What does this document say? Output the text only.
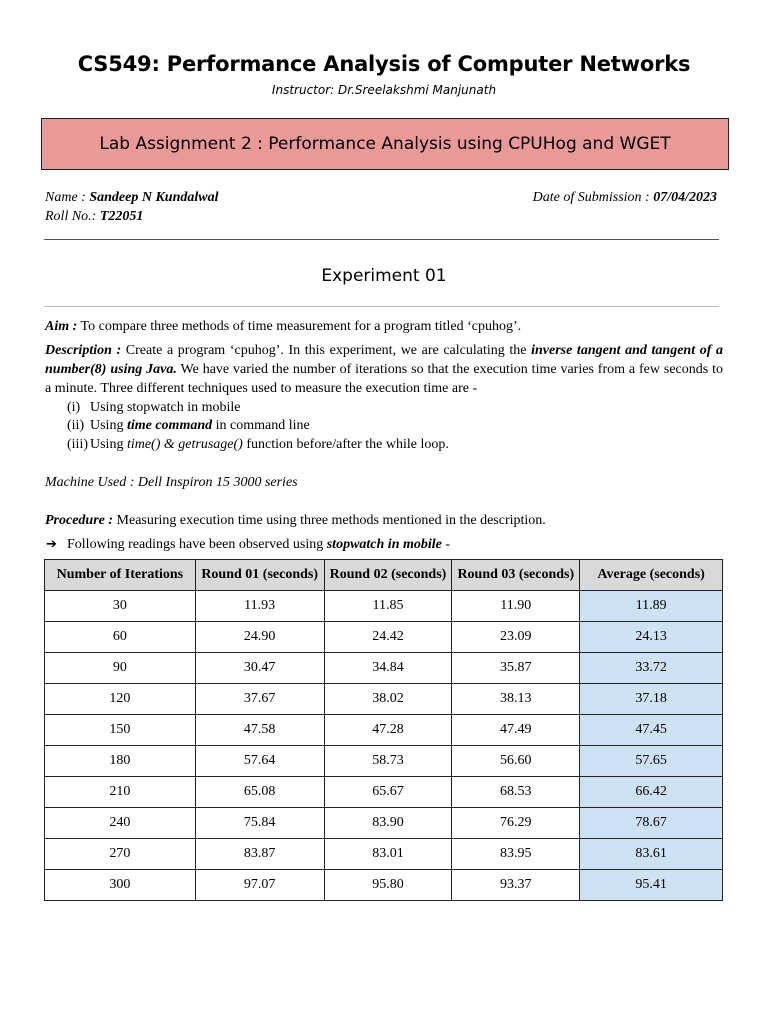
CS549: Performance Analysis of Computer Networks
Instructor: Dr.Sreelakshmi Manjunath
Lab Assignment 2 : Performance Analysis using CPUHog and WGET
Name : Sandeep N Kundalwal
Roll No.: T22051
Date of Submission : 07/04/2023
Experiment 01
Aim : To compare three methods of time measurement for a program titled ‘cpuhog’.
Description : Create a program ‘cpuhog’. In this experiment, we are calculating the inverse tangent and tangent of a number(8) using Java. We have varied the number of iterations so that the execution time varies from a few seconds to a minute. Three different techniques used to measure the execution time are -
(i) Using stopwatch in mobile
(ii) Using time command in command line
(iii) Using time() & getrusage() function before/after the while loop.
Machine Used : Dell Inspiron 15 3000 series
Procedure : Measuring execution time using three methods mentioned in the description.
➔ Following readings have been observed using stopwatch in mobile -
Number of Iterations	Round 01 (seconds)	Round 02 (seconds)	Round 03 (seconds)	Average (seconds)
30	11.93	11.85	11.90	11.89
60	24.90	24.42	23.09	24.13
90	30.47	34.84	35.87	33.72
120	37.67	38.02	38.13	37.18
150	47.58	47.28	47.49	47.45
180	57.64	58.73	56.60	57.65
210	65.08	65.67	68.53	66.42
240	75.84	83.90	76.29	78.67
270	83.87	83.01	83.95	83.61
300	97.07	95.80	93.37	95.41
